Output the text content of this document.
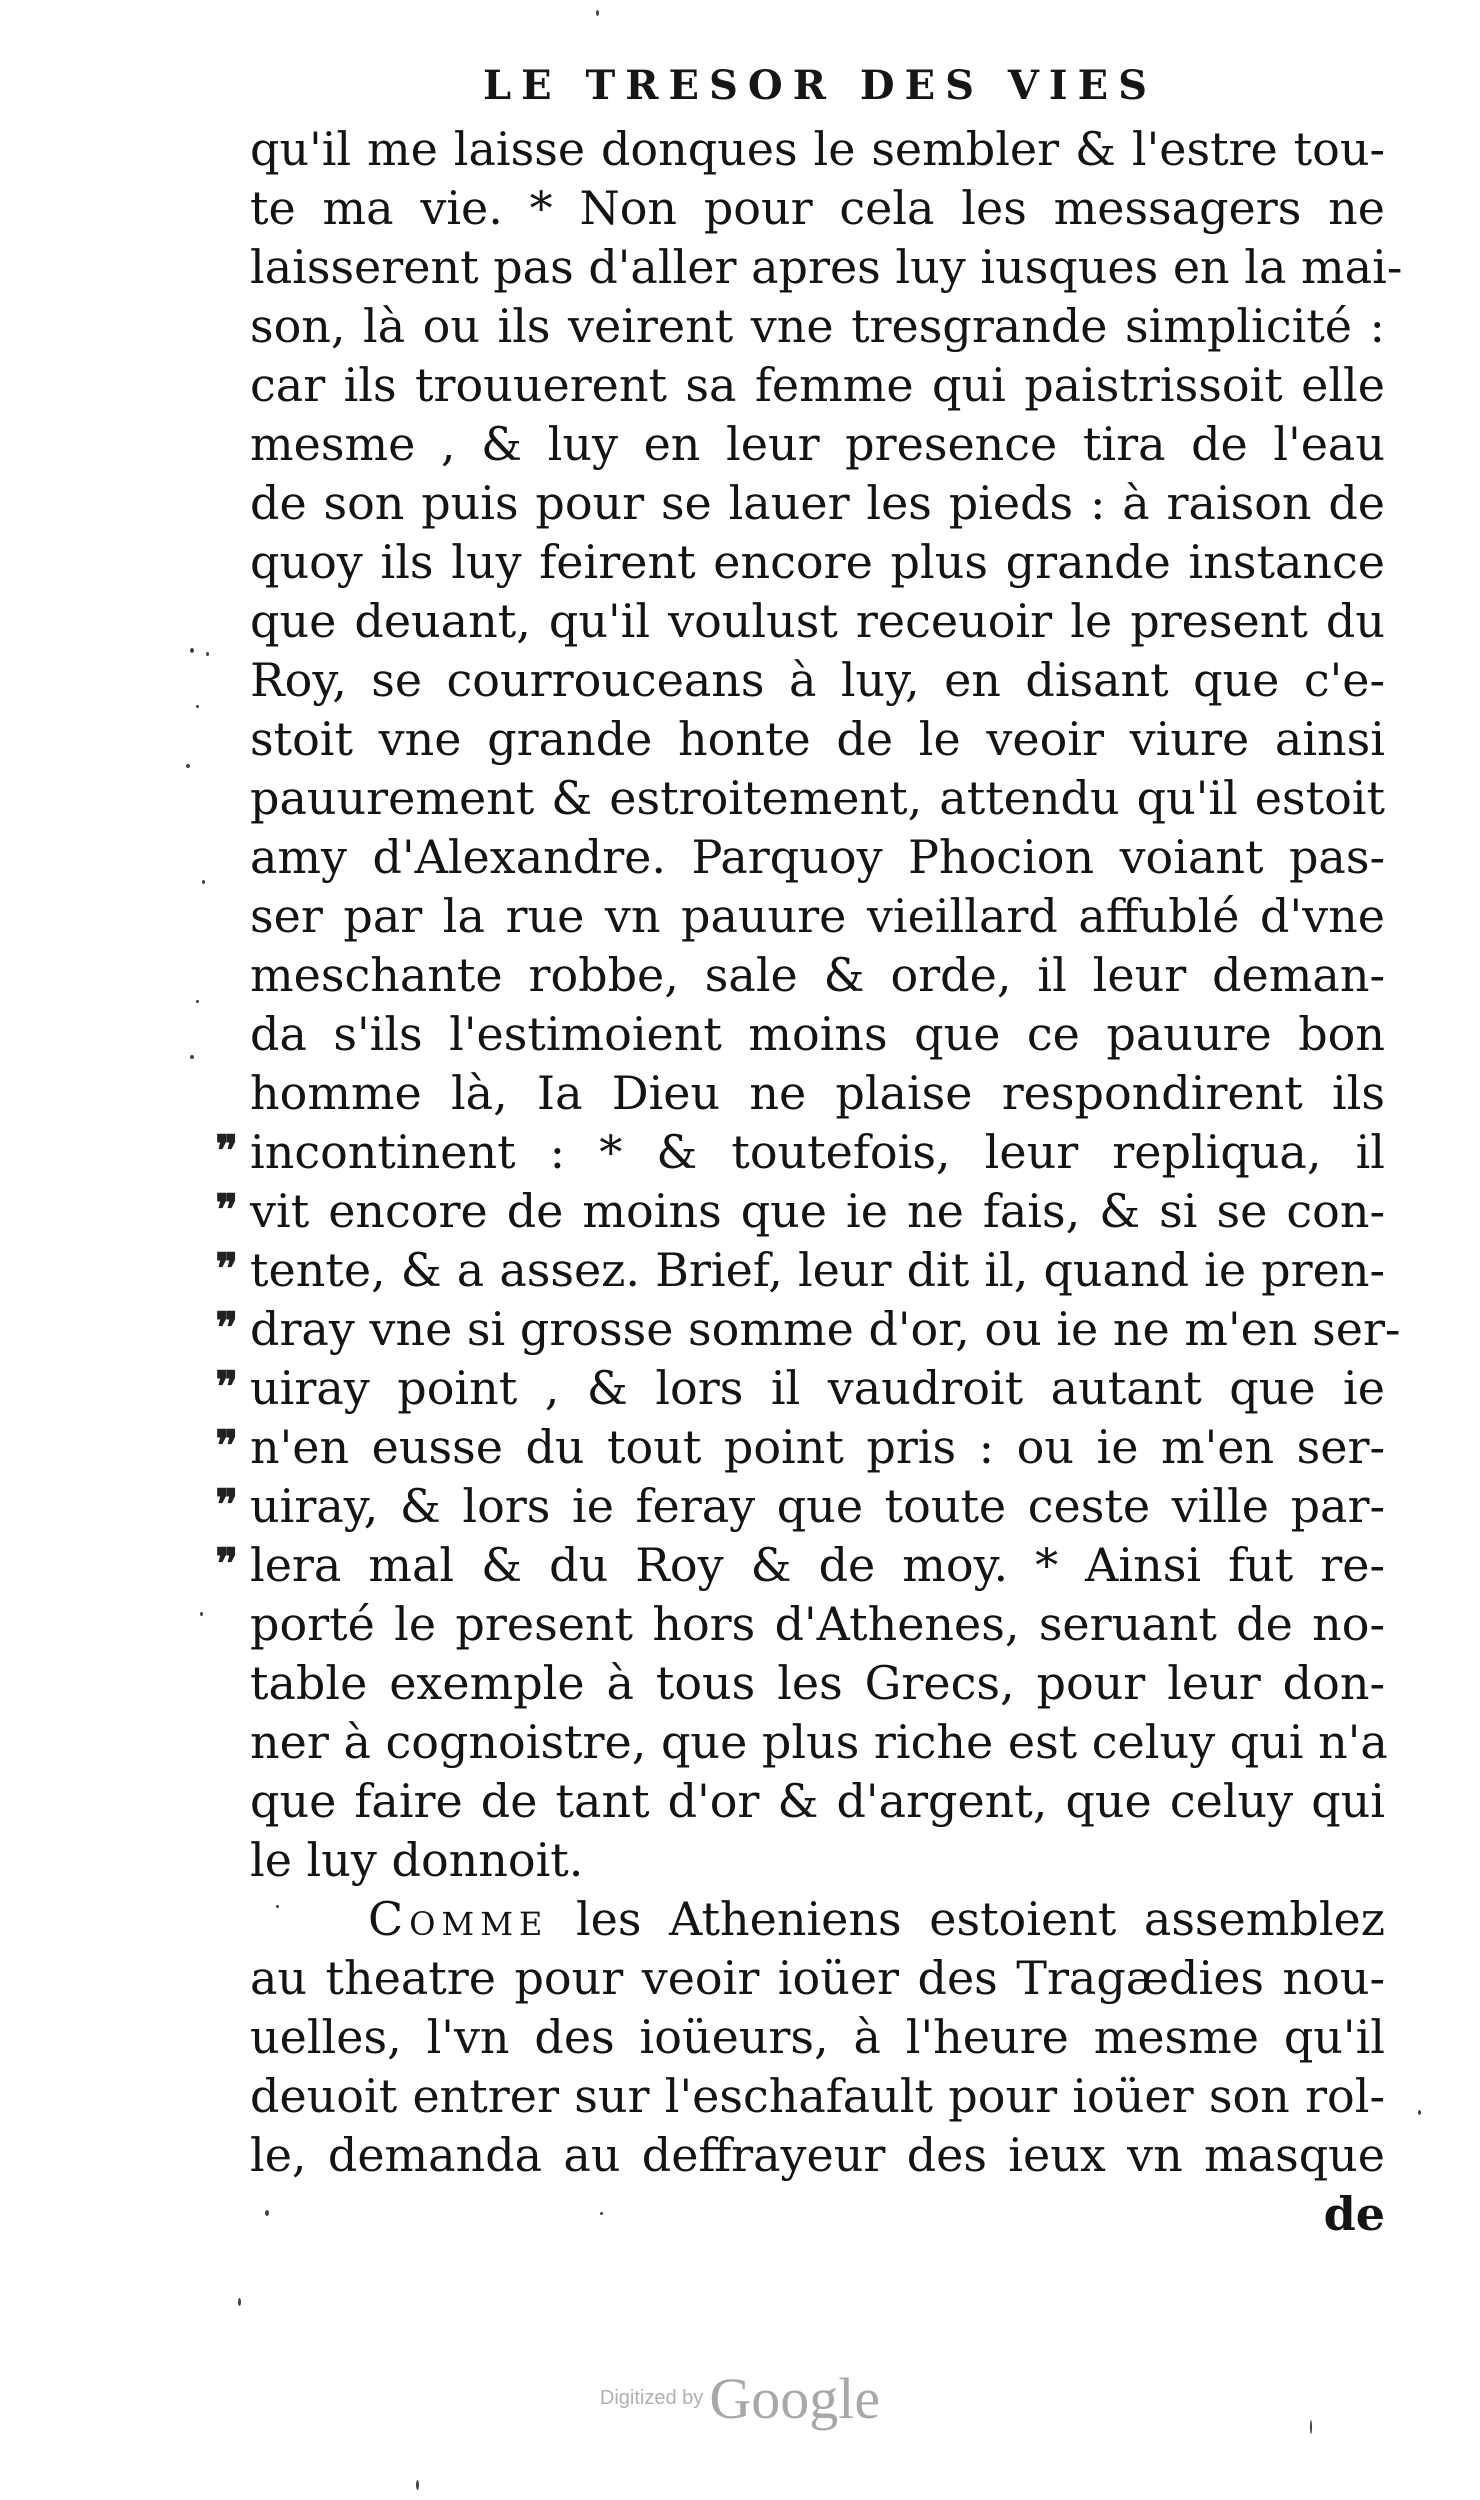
LE TRESOR DES VIES
qu'il me laisse donques le sembler & l'estre tou-
te ma vie. * Non pour cela les messagers ne
laisserent pas d'aller apres luy iusques en la mai-
son, là ou ils veirent vne tresgrande simplicité :
car ils trouuerent sa femme qui paistrissoit elle
mesme , & luy en leur presence tira de l'eau
de son puis pour se lauer les pieds : à raison de
quoy ils luy feirent encore plus grande instance
que deuant, qu'il voulust receuoir le present du
Roy, se courrouceans à luy, en disant que c'e-
stoit vne grande honte de le veoir viure ainsi
pauurement & estroitement, attendu qu'il estoit
amy d'Alexandre. Parquoy Phocion voiant pas-
ser par la rue vn pauure vieillard affublé d'vne
meschante robbe, sale & orde, il leur deman-
da s'ils l'estimoient moins que ce pauure bon
homme là, Ia Dieu ne plaise respondirent ils
incontinent : * & toutefois, leur repliqua, il
vit encore de moins que ie ne fais, & si se con-
tente, & a assez. Brief, leur dit il, quand ie pren-
dray vne si grosse somme d'or, ou ie ne m'en ser-
uiray point , & lors il vaudroit autant que ie
n'en eusse du tout point pris : ou ie m'en ser-
uiray, & lors ie feray que toute ceste ville par-
lera mal & du Roy & de moy. * Ainsi fut re-
porté le present hors d'Athenes, seruant de no-
table exemple à tous les Grecs, pour leur don-
ner à cognoistre, que plus riche est celuy qui n'a
que faire de tant d'or & d'argent, que celuy qui
le luy donnoit.
Comme les Atheniens estoient assemblez
au theatre pour veoir ioüer des Tragædies nou-
uelles, l'vn des ioüeurs, à l'heure mesme qu'il
deuoit entrer sur l'eschafault pour ioüer son rol-
le, demanda au deffrayeur des ieux vn masque
de
❞
❞
❞
❞
❞
❞
❞
❞
Digitized by Google
